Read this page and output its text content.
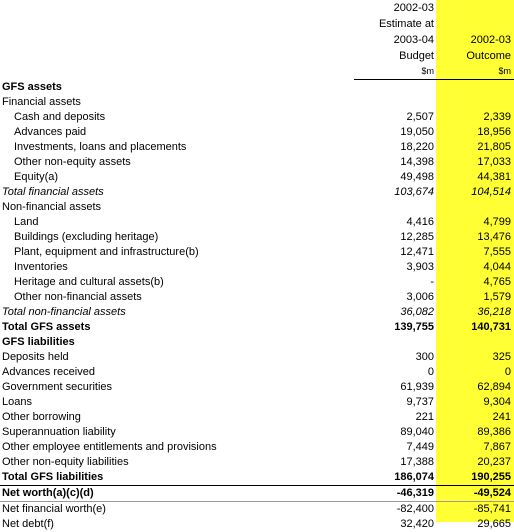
	2002-03	
	Estimate at	
	2003-04	2002-03
	Budget	Outcome
	$m	$m
GFS assets		
Financial assets		
Cash and deposits	2,507	2,339
Advances paid	19,050	18,956
Investments, loans and placements	18,220	21,805
Other non-equity assets	14,398	17,033
Equity(a)	49,498	44,381
Total financial assets	103,674	104,514
Non-financial assets		
Land	4,416	4,799
Buildings (excluding heritage)	12,285	13,476
Plant, equipment and infrastructure(b)	12,471	7,555
Inventories	3,903	4,044
Heritage and cultural assets(b)	-	4,765
Other non-financial assets	3,006	1,579
Total non-financial assets	36,082	36,218
Total GFS assets	139,755	140,731
GFS liabilities		
Deposits held	300	325
Advances received	0	0
Government securities	61,939	62,894
Loans	9,737	9,304
Other borrowing	221	241
Superannuation liability	89,040	89,386
Other employee entitlements and provisions	7,449	7,867
Other non-equity liabilities	17,388	20,237
Total GFS liabilities	186,074	190,255
Net worth(a)(c)(d)	-46,319	-49,524
Net financial worth(e)	-82,400	-85,741
Net debt(f)	32,420	29,665
